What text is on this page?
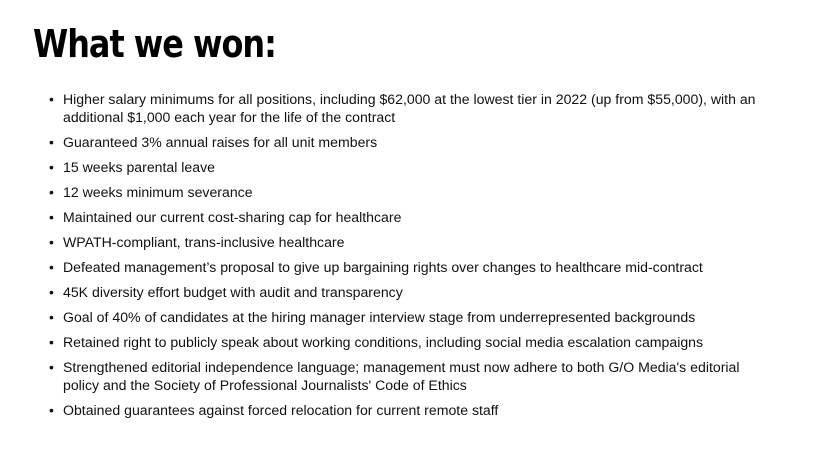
What we won:
• Higher salary minimums for all positions, including $62,000 at the lowest tier in 2022 (up from $55,000), with an additional $1,000 each year for the life of the contract
• Guaranteed 3% annual raises for all unit members
• 15 weeks parental leave
• 12 weeks minimum severance
• Maintained our current cost-sharing cap for healthcare
• WPATH-compliant, trans-inclusive healthcare
• Defeated management’s proposal to give up bargaining rights over changes to healthcare mid-contract
• 45K diversity effort budget with audit and transparency
• Goal of 40% of candidates at the hiring manager interview stage from underrepresented backgrounds
• Retained right to publicly speak about working conditions, including social media escalation campaigns
• Strengthened editorial independence language; management must now adhere to both G/O Media's editorial policy and the Society of Professional Journalists' Code of Ethics
• Obtained guarantees against forced relocation for current remote staff
